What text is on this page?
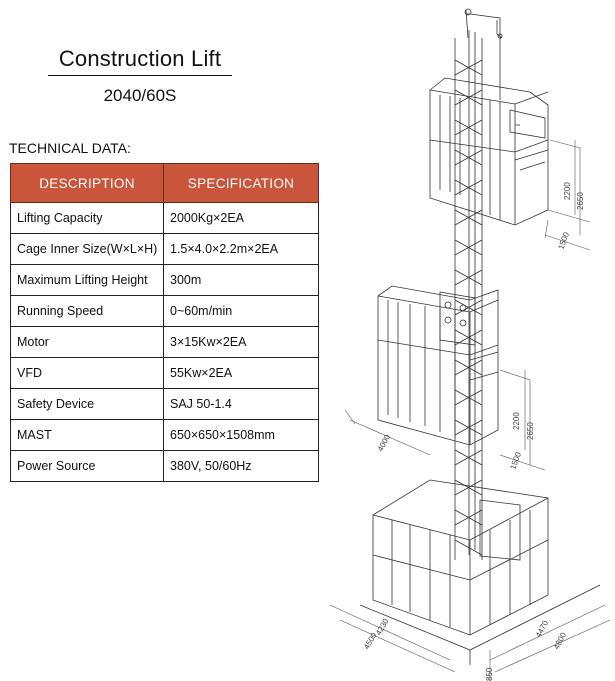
Construction Lift
2040/60S
TECHNICAL DATA:
DESCRIPTION	SPECIFICATION
Lifting Capacity	2000Kg×2EA
Cage Inner Size(W×L×H)	1.5×4.0×2.2m×2EA
Maximum Lifting Height	300m
Running Speed	0~60m/min
Motor	3×15Kw×2EA
VFD	55Kw×2EA
Safety Device	SAJ 50-1.4
MAST	650×650×1508mm
Power Source	380V, 50/60Hz
2200
2650
1500
4000
2200
2650
1500
4230
4500
4470
4800
850
